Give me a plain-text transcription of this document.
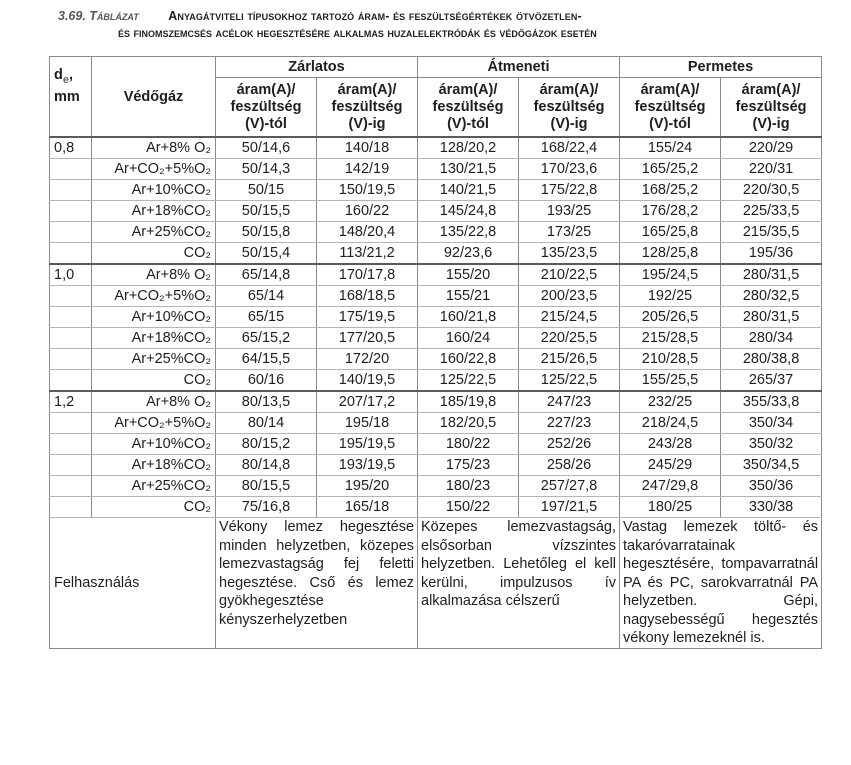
3.69. Táblázat Anyagátviteli típusokhoz tartozó áram- és feszültségértékek ötvözetlen-
és finomszemcsés acélok hegesztésére alkalmas huzalelektródák és védőgázok esetén
$d_e$,
mm	Védőgáz	Zárlatos		Átmeneti		Permetes	
		áram(A)/
feszültség
(V)-tól	áram(A)/
feszültség
(V)-ig	áram(A)/
feszültség
(V)-tól	áram(A)/
feszültség
(V)-ig	áram(A)/
feszültség
(V)-tól	áram(A)/
feszültség
(V)-ig
0,8	Ar+8% O₂	50/14,6	140/18	128/20,2	168/22,4	155/24	220/29
	Ar+CO₂+5%O₂	50/14,3	142/19	130/21,5	170/23,6	165/25,2	220/31
	Ar+10%CO₂	50/15	150/19,5	140/21,5	175/22,8	168/25,2	220/30,5
	Ar+18%CO₂	50/15,5	160/22	145/24,8	193/25	176/28,2	225/33,5
	Ar+25%CO₂	50/15,8	148/20,4	135/22,8	173/25	165/25,8	215/35,5
	CO₂	50/15,4	113/21,2	92/23,6	135/23,5	128/25,8	195/36
1,0	Ar+8% O₂	65/14,8	170/17,8	155/20	210/22,5	195/24,5	280/31,5
	Ar+CO₂+5%O₂	65/14	168/18,5	155/21	200/23,5	192/25	280/32,5
	Ar+10%CO₂	65/15	175/19,5	160/21,8	215/24,5	205/26,5	280/31,5
	Ar+18%CO₂	65/15,2	177/20,5	160/24	220/25,5	215/28,5	280/34
	Ar+25%CO₂	64/15,5	172/20	160/22,8	215/26,5	210/28,5	280/38,8
	CO₂	60/16	140/19,5	125/22,5	125/22,5	155/25,5	265/37
1,2	Ar+8% O₂	80/13,5	207/17,2	185/19,8	247/23	232/25	355/33,8
	Ar+CO₂+5%O₂	80/14	195/18	182/20,5	227/23	218/24,5	350/34
	Ar+10%CO₂	80/15,2	195/19,5	180/22	252/26	243/28	350/32
	Ar+18%CO₂	80/14,8	193/19,5	175/23	258/26	245/29	350/34,5
	Ar+25%CO₂	80/15,5	195/20	180/23	257/27,8	247/29,8	350/36
	CO₂	75/16,8	165/18	150/22	197/21,5	180/25	330/38
Felhasználás		Vékony lemez hegesztése minden helyzetben, közepes lemezvastagság fej feletti hegesztése. Cső és lemez gyökhegesztése kényszerhelyzetben		Közepes lemezvastagság, elsősorban vízszintes helyzetben. Lehetőleg el kell kerülni, impulzusos ív alkalmazása célszerű		Vastag lemezek töltő- és takaróvarratainak hegesztésére, tompavarratnál PA és PC, sarokvarratnál PA helyzetben. Gépi, nagysebességű hegesztés vékony lemezeknél is.	
